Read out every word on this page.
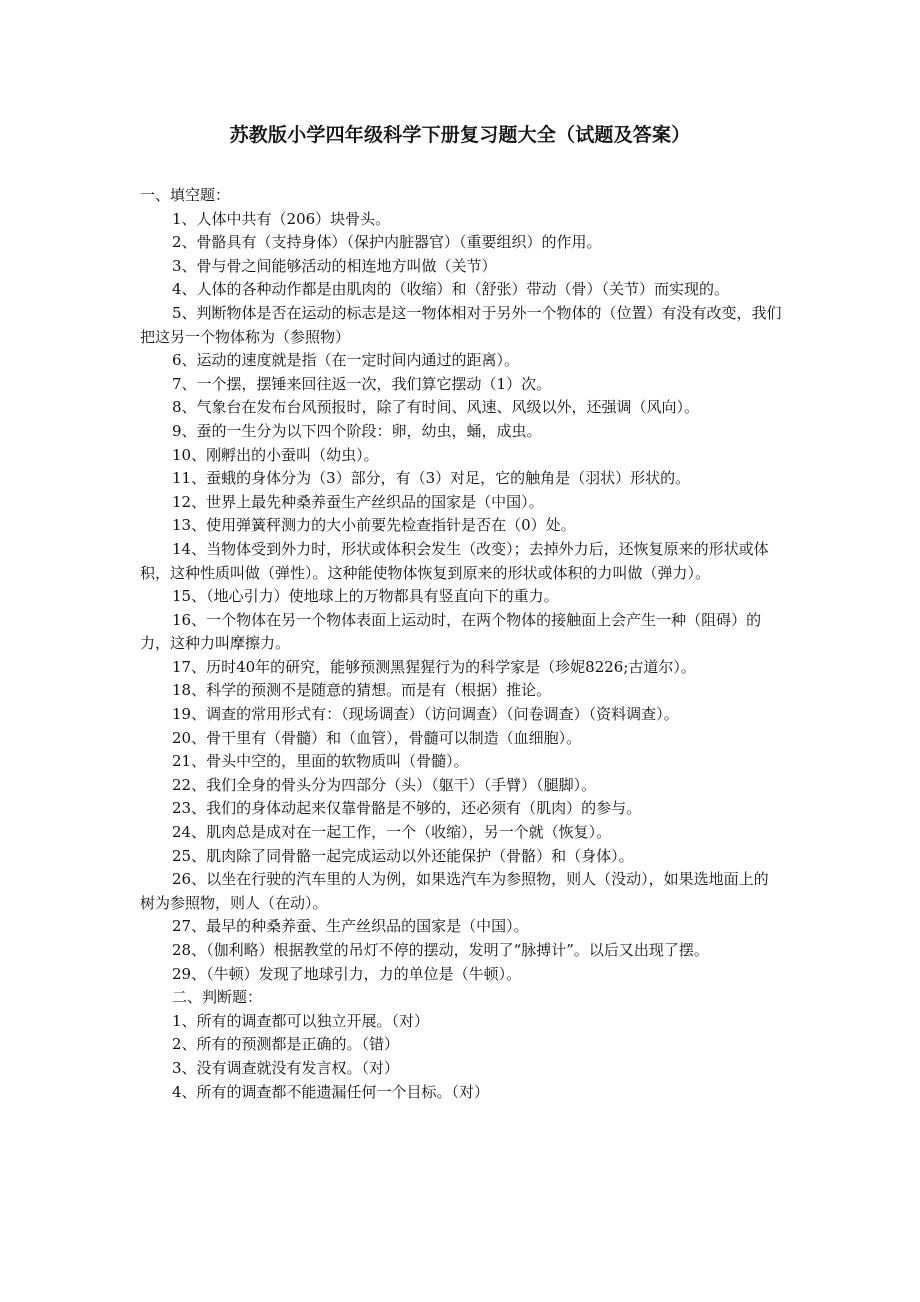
苏教版小学四年级科学下册复习题大全（试题及答案）

一、填空题：

1、人体中共有（206）块骨头。

2、骨骼具有（支持身体）（保护内脏器官）（重要组织）的作用。

3、骨与骨之间能够活动的相连地方叫做（关节）

4、人体的各种动作都是由肌肉的（收缩）和（舒张）带动（骨）（关节）而实现的。

5、判断物体是否在运动的标志是这一物体相对于另外一个物体的（位置）有没有改变，我们把这另一个物体称为（参照物）

6、运动的速度就是指（在一定时间内通过的距离）。

7、一个摆，摆锤来回往返一次，我们算它摆动（1）次。

8、气象台在发布台风预报时，除了有时间、风速、风级以外，还强调（风向）。

9、蚕的一生分为以下四个阶段：卵，幼虫，蛹，成虫。

10、刚孵出的小蚕叫（幼虫）。

11、蚕蛾的身体分为（3）部分，有（3）对足，它的触角是（羽状）形状的。

12、世界上最先种桑养蚕生产丝织品的国家是（中国）。

13、使用弹簧秤测力的大小前要先检查指针是否在（0）处。

14、当物体受到外力时，形状或体积会发生（改变）；去掉外力后，还恢复原来的形状或体积，这种性质叫做（弹性）。这种能使物体恢复到原来的形状或体积的力叫做（弹力）。

15、（地心引力）使地球上的万物都具有竖直向下的重力。

16、一个物体在另一个物体表面上运动时，在两个物体的接触面上会产生一种（阻碍）的力，这种力叫摩擦力。

17、历时40年的研究，能够预测黑猩猩行为的科学家是（珍妮8226;古道尔）。

18、科学的预测不是随意的猜想。而是有（根据）推论。

19、调查的常用形式有：（现场调查）（访问调查）（问卷调查）（资料调查）。

20、骨干里有（骨髓）和（血管），骨髓可以制造（血细胞）。

21、骨头中空的，里面的软物质叫（骨髓）。

22、我们全身的骨头分为四部分（头）（躯干）（手臂）（腿脚）。

23、我们的身体动起来仅靠骨骼是不够的，还必须有（肌肉）的参与。

24、肌肉总是成对在一起工作，一个（收缩），另一个就（恢复）。

25、肌肉除了同骨骼一起完成运动以外还能保护（骨骼）和（身体）。

26、以坐在行驶的汽车里的人为例，如果选汽车为参照物，则人（没动），如果选地面上的树为参照物，则人（在动）。

27、最早的种桑养蚕、生产丝织品的国家是（中国）。

28、（伽利略）根据教堂的吊灯不停的摆动，发明了“脉搏计”。以后又出现了摆。

29、（牛顿）发现了地球引力，力的单位是（牛顿）。

二、判断题：

1、所有的调查都可以独立开展。（对）

2、所有的预测都是正确的。（错）

3、没有调查就没有发言权。（对）

4、所有的调查都不能遗漏任何一个目标。（对）
